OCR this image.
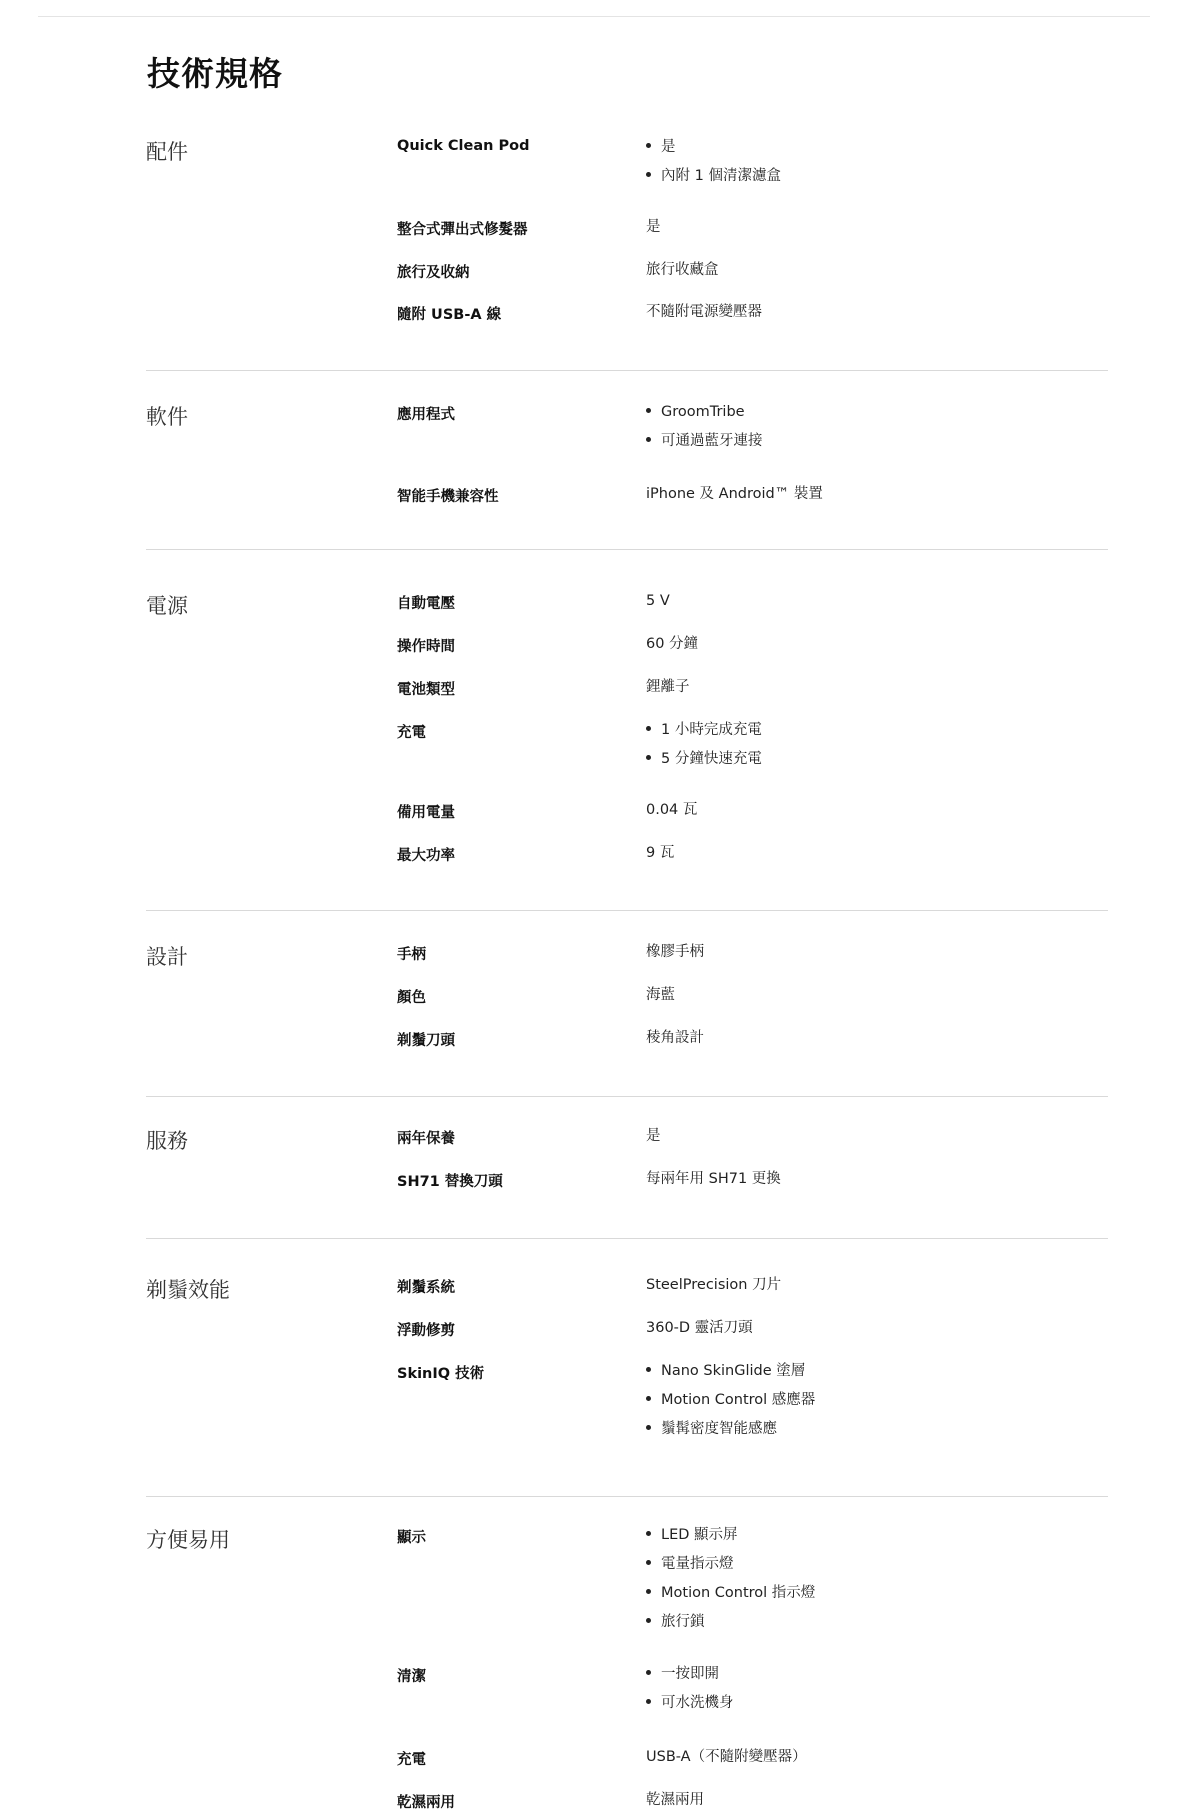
技術規格
配件	Quick Clean Pod	是
內附 1 個清潔濾盒
整合式彈出式修髮器	是
旅行及收納	旅行收藏盒
隨附 USB-A 線	不隨附電源變壓器
軟件	應用程式	GroomTribe
可通過藍牙連接
智能手機兼容性	iPhone 及 Android™ 裝置
電源	自動電壓	5 V
操作時間	60 分鐘
電池類型	鋰離子
充電	1 小時完成充電
5 分鐘快速充電
備用電量	0.04 瓦
最大功率	9 瓦
設計	手柄	橡膠手柄
顏色	海藍
剃鬚刀頭	稜角設計
服務	兩年保養	是
SH71 替換刀頭	每兩年用 SH71 更換
剃鬚效能	剃鬚系統	SteelPrecision 刀片
浮動修剪	360-D 靈活刀頭
SkinIQ 技術	Nano SkinGlide 塗層
Motion Control 感應器
鬚髯密度智能感應
方便易用	顯示	LED 顯示屏
電量指示燈
Motion Control 指示燈
旅行鎖
清潔	一按即開
可水洗機身
充電	USB-A（不隨附變壓器）
乾濕兩用	乾濕兩用
